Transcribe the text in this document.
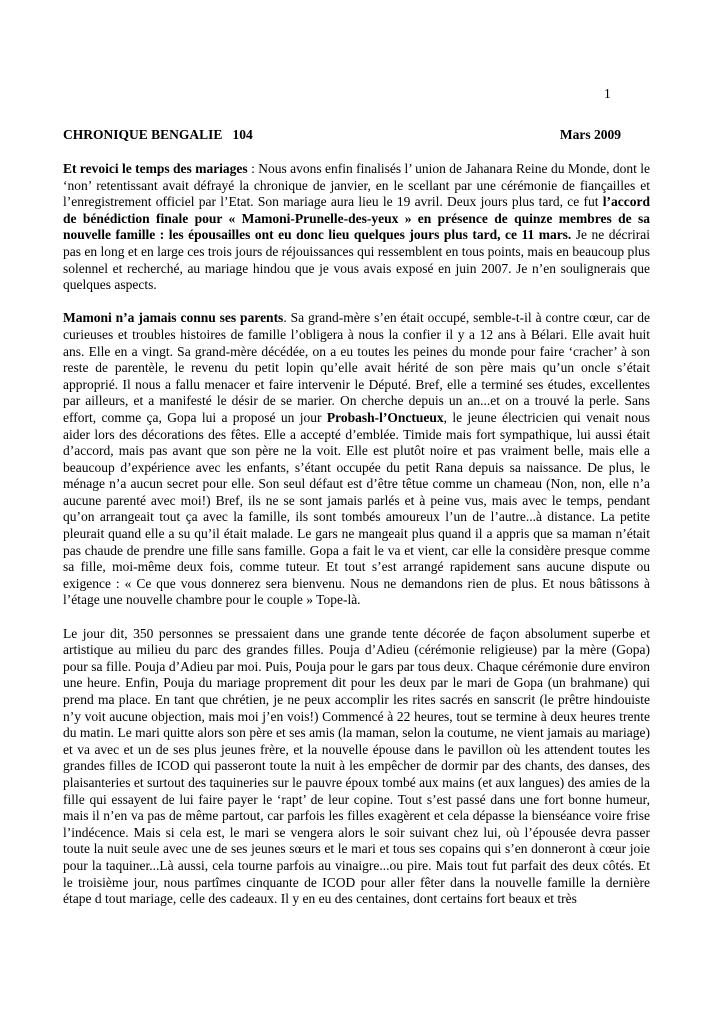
1
CHRONIQUE BENGALIE   104	Mars 2009

Et revoici le temps des mariages : Nous avons enfin finalisés l’ union de Jahanara Reine du Monde, dont le ‘non’ retentissant avait défrayé la chronique de janvier, en le scellant par une cérémonie de fiançailles et l’enregistrement officiel par l’Etat. Son mariage aura lieu le 19 avril. Deux jours plus tard, ce fut l’accord de bénédiction finale pour « Mamoni-Prunelle-des-yeux » en présence de quinze membres de sa nouvelle famille : les épousailles ont eu donc lieu quelques jours plus tard, ce 11 mars. Je ne décrirai pas en long et en large ces trois jours de réjouissances qui ressemblent en tous points, mais en beaucoup plus solennel et recherché, au mariage hindou que je vous avais exposé en juin 2007. Je n’en soulignerais que quelques aspects.

Mamoni n’a jamais connu ses parents. Sa grand-mère s’en était occupé, semble-t-il à contre cœur, car de curieuses et troubles histoires de famille l’obligera à nous la confier il y a 12 ans à Bélari. Elle avait huit ans. Elle en a vingt. Sa grand-mère décédée, on a eu toutes les peines du monde pour faire ‘cracher’ à son reste de parentèle, le revenu du petit lopin qu’elle avait hérité de son père mais qu’un oncle s’était approprié. Il nous a fallu menacer et faire intervenir le Député. Bref, elle a terminé ses études, excellentes par ailleurs, et a manifesté le désir de se marier. On cherche depuis un an...et on a trouvé la perle. Sans effort, comme ça, Gopa lui a proposé un jour Probash-l’Onctueux, le jeune électricien qui venait nous aider lors des décorations des fêtes. Elle a accepté d’emblée. Timide mais fort sympathique, lui aussi était d’accord, mais pas avant que son père ne la voit. Elle est plutôt noire et pas vraiment belle, mais elle a beaucoup d’expérience avec les enfants, s’étant occupée du petit Rana depuis sa naissance. De plus, le ménage n’a aucun secret pour elle. Son seul défaut est d’être têtue comme un chameau (Non, non, elle n’a aucune parenté avec moi!) Bref, ils ne se sont jamais parlés et à peine vus, mais avec le temps, pendant qu’on arrangeait tout ça avec la famille, ils sont tombés amoureux l’un de l’autre...à distance. La petite pleurait quand elle a su qu’il était malade. Le gars ne mangeait plus quand il a appris que sa maman n’était pas chaude de prendre une fille sans famille. Gopa a fait le va et vient, car elle la considère presque comme sa fille, moi-même deux fois, comme tuteur. Et tout s’est arrangé rapidement sans aucune dispute ou exigence : « Ce que vous donnerez sera bienvenu. Nous ne demandons rien de plus. Et nous bâtissons à l’étage une nouvelle chambre pour le couple » Tope-là.

Le jour dit, 350 personnes se pressaient dans une grande tente décorée de façon absolument superbe et artistique au milieu du parc des grandes filles. Pouja d’Adieu (cérémonie religieuse) par la mère (Gopa) pour sa fille. Pouja d’Adieu par moi. Puis, Pouja pour le gars par tous deux. Chaque cérémonie dure environ une heure. Enfin, Pouja du mariage proprement dit pour les deux par le mari de Gopa (un brahmane) qui prend ma place. En tant que chrétien, je ne peux accomplir les rites sacrés en sanscrit (le prêtre hindouiste n’y voit aucune objection, mais moi j’en vois!) Commencé à 22 heures, tout se termine à deux heures trente du matin. Le mari quitte alors son père et ses amis (la maman, selon la coutume, ne vient jamais au mariage) et va avec et un de ses plus jeunes frère, et la nouvelle épouse dans le pavillon où les attendent toutes les grandes filles de ICOD qui passeront toute la nuit à les empêcher de dormir par des chants, des danses, des plaisanteries et surtout des taquineries sur le pauvre époux tombé aux mains (et aux langues) des amies de la fille qui essayent de lui faire payer le ‘rapt’ de leur copine. Tout s’est passé dans une fort bonne humeur, mais il n’en va pas de même partout, car parfois les filles exagèrent et cela dépasse la bienséance voire frise l’indécence. Mais si cela est, le mari se vengera alors le soir suivant chez lui, où l’épousée devra passer toute la nuit seule avec une de ses jeunes sœurs et le mari et tous ses copains qui s’en donneront à cœur joie pour la taquiner...Là aussi, cela tourne parfois au vinaigre...ou pire. Mais tout fut parfait des deux côtés. Et le troisième jour, nous partîmes cinquante de ICOD pour aller fêter dans la nouvelle famille la dernière étape d tout mariage, celle des cadeaux. Il y en eu des centaines, dont certains fort beaux et très
